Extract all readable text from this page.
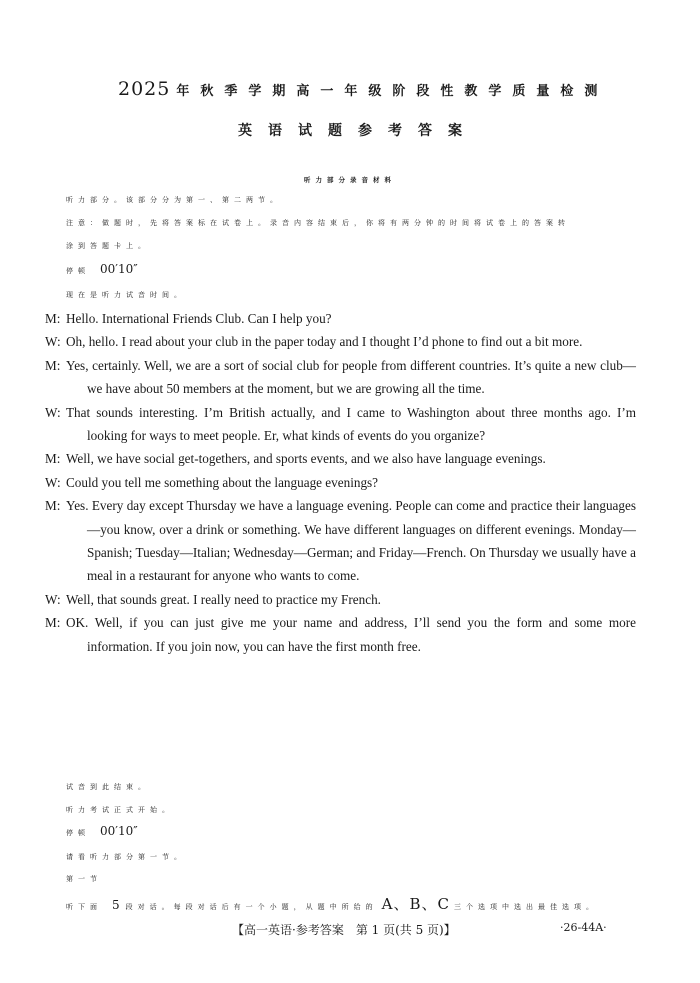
2025 年秋季学期高一年级阶段性教学质量检测
英语试题参考答案
听力部分录音材料
听力部分。该部分分为第一、第二两节。
注意：做题时，先将答案标在试卷上。录音内容结束后，你将有两分钟的时间将试卷上的答案转
涂到答题卡上。
停顿 00′10″
现在是听力试音时间。

M: Hello. International Friends Club. Can I help you?

W: Oh, hello. I read about your club in the paper today and I thought I’d phone to find out a bit more.

M: Yes, certainly. Well, we are a sort of social club for people from different countries. It’s quite a new club—we have about 50 members at the moment, but we are growing all the time.

W: That sounds interesting. I’m British actually, and I came to Washington about three months ago. I’m looking for ways to meet people. Er, what kinds of events do you organize?

M: Well, we have social get-togethers, and sports events, and we also have language evenings.

W: Could you tell me something about the language evenings?

M: Yes. Every day except Thursday we have a language evening. People can come and practice their languages—you know, over a drink or something. We have different languages on different evenings. Monday—Spanish; Tuesday—Italian; Wednesday—German; and Friday—French. On Thursday we usually have a meal in a restaurant for anyone who wants to come.

W: Well, that sounds great. I really need to practice my French.

M: OK. Well, if you can just give me your name and address, I’ll send you the form and some more information. If you join now, you can have the first month free.

试音到此结束。
听力考试正式开始。
停顿 00′10″
请看听力部分第一节。
第一节
听下面 5 段对话。每段对话后有一个小题，从题中所给的 A、B、C 三个选项中选出最佳选项。
【高一英语·参考答案　第 1 页(共 5 页)】	·26-44A·
